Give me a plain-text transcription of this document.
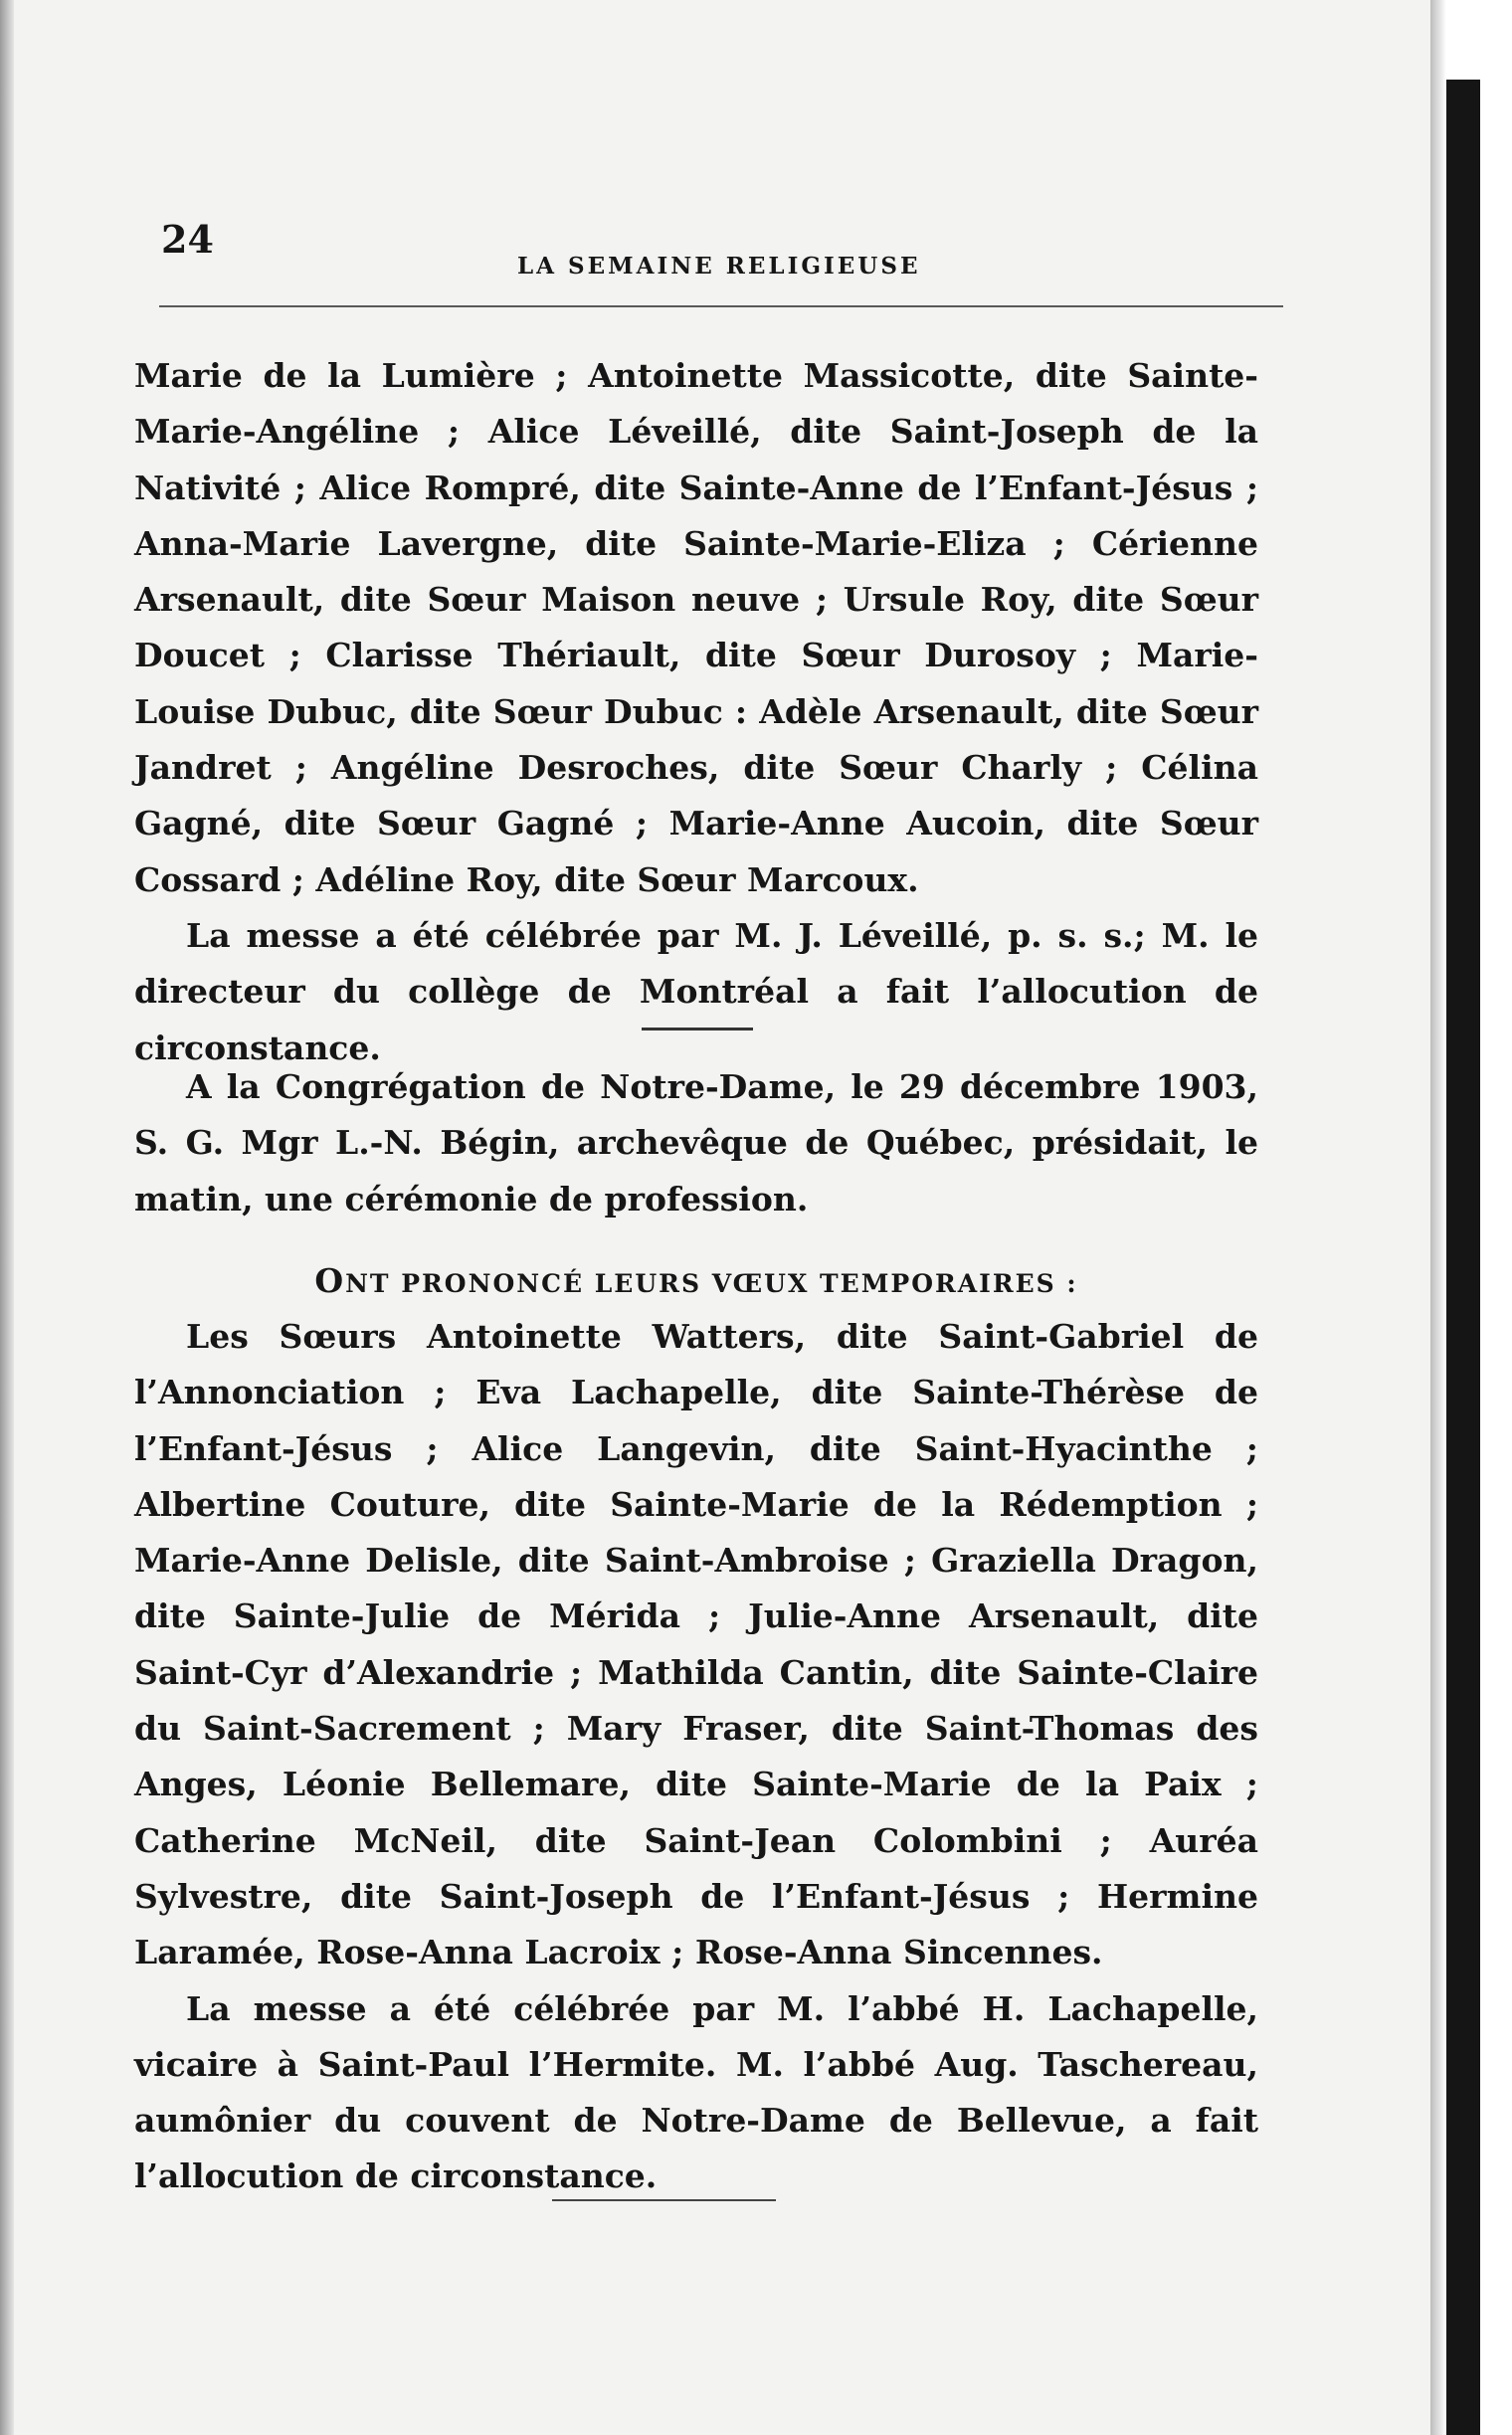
24
LA SEMAINE RELIGIEUSE

Marie de la Lumière ; Antoinette Massicotte, dite Sainte-Marie-Angéline ; Alice Léveillé, dite Saint-Joseph de la Nativité ; Alice Rompré, dite Sainte-Anne de l’Enfant-Jésus ; Anna-Marie Lavergne, dite Sainte-Marie-Eliza ; Cérienne Arsenault, dite Sœur Maison neuve ; Ursule Roy, dite Sœur Doucet ; Clarisse Thériault, dite Sœur Durosoy ; Marie-Louise Dubuc, dite Sœur Dubuc : Adèle Arsenault, dite Sœur Jandret ; Angéline Desroches, dite Sœur Charly ; Célina Gagné, dite Sœur Gagné ; Marie-Anne Aucoin, dite Sœur Cossard ; Adéline Roy, dite Sœur Marcoux.

La messe a été célébrée par M. J. Léveillé, p. s. s.; M. le directeur du collège de Montréal a fait l’allocution de circonstance.

A la Congrégation de Notre-Dame, le 29 décembre 1903, S. G. Mgr L.-N. Bégin, archevêque de Québec, présidait, le matin, une cérémonie de profession.

ONT PRONONCÉ LEURS VŒUX TEMPORAIRES :

Les Sœurs Antoinette Watters, dite Saint-Gabriel de l’Annonciation ; Eva Lachapelle, dite Sainte-Thérèse de l’Enfant-Jésus ; Alice Langevin, dite Saint-Hyacinthe ; Albertine Couture, dite Sainte-Marie de la Rédemption ; Marie-Anne Delisle, dite Saint-Ambroise ; Graziella Dragon, dite Sainte-Julie de Mérida ; Julie-Anne Arsenault, dite Saint-Cyr d’Alexandrie ; Mathilda Cantin, dite Sainte-Claire du Saint-Sacrement ; Mary Fraser, dite Saint-Thomas des Anges, Léonie Bellemare, dite Sainte-Marie de la Paix ; Catherine McNeil, dite Saint-Jean Colombini ; Auréa Sylvestre, dite Saint-Joseph de l’Enfant-Jésus ; Hermine Laramée, Rose-Anna Lacroix ; Rose-Anna Sincennes.

La messe a été célébrée par M. l’abbé H. Lachapelle, vicaire à Saint-Paul l’Hermite. M. l’abbé Aug. Taschereau, aumônier du couvent de Notre-Dame de Bellevue, a fait l’allocution de circonstance.
